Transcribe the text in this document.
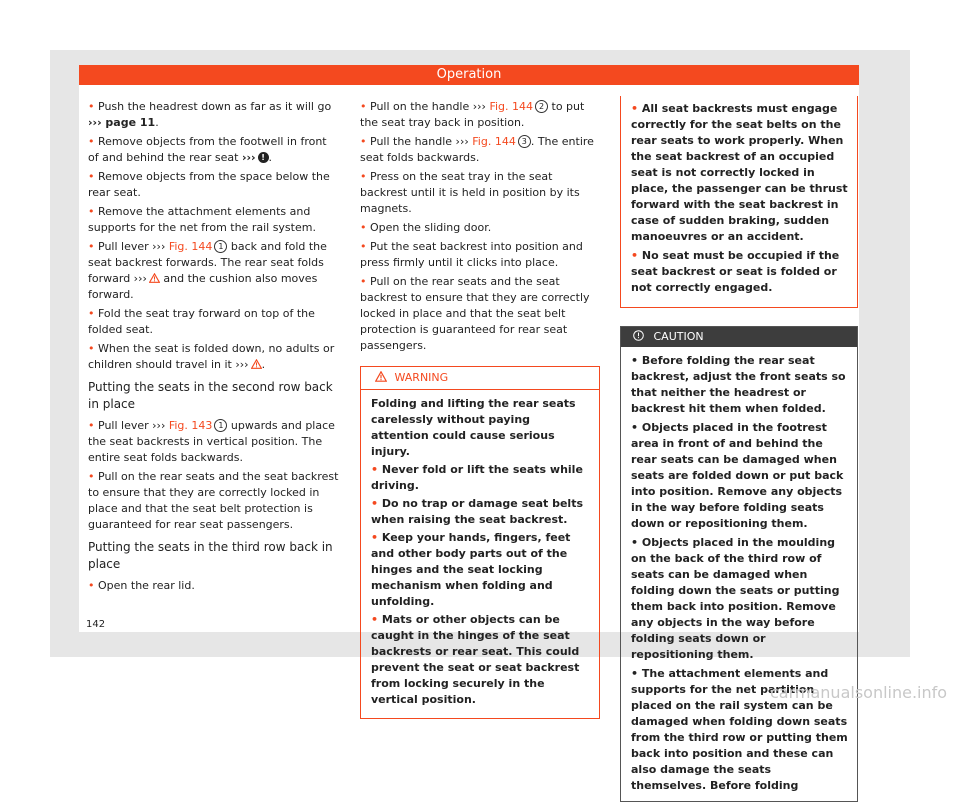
Operation
• Push the headrest down as far as it will go ››› page 11.
• Remove objects from the footwell in front of and behind the rear seat ››› ! .
• Remove objects from the space below the rear seat.
• Remove the attachment elements and supports for the net from the rail system.
• Pull lever ››› Fig. 144 1 back and fold the seat backrest forwards. The rear seat folds forward ››› and the cushion also moves forward.
• Fold the seat tray forward on top of the folded seat.
• When the seat is folded down, no adults or children should travel in it ››› .
Putting the seats in the second row back in place
• Pull lever ››› Fig. 143 1 upwards and place the seat backrests in vertical position. The entire seat folds backwards.
• Pull on the rear seats and the seat backrest to ensure that they are correctly locked in place and that the seat belt protection is guaranteed for rear seat passengers.
Putting the seats in the third row back in place
• Open the rear lid.
• Pull on the handle ››› Fig. 144 2 to put the seat tray back in position.
• Pull the handle ››› Fig. 144 3 . The entire seat folds backwards.
• Press on the seat tray in the seat backrest until it is held in position by its magnets.
• Open the sliding door.
• Put the seat backrest into position and press firmly until it clicks into place.
• Pull on the rear seats and the seat backrest to ensure that they are correctly locked in place and that the seat belt protection is guaranteed for rear seat passengers.
WARNING
Folding and lifting the rear seats carelessly without paying attention could cause serious injury.
• Never fold or lift the seats while driving.
• Do no trap or damage seat belts when raising the seat backrest.
• Keep your hands, fingers, feet and other body parts out of the hinges and the seat locking mechanism when folding and unfolding.
• Mats or other objects can be caught in the hinges of the seat backrests or rear seat. This could prevent the seat or seat backrest from locking securely in the vertical position.
• All seat backrests must engage correctly for the seat belts on the rear seats to work properly. When the seat backrest of an occupied seat is not correctly locked in place, the passenger can be thrust forward with the seat backrest in case of sudden braking, sudden manoeuvres or an accident.
• No seat must be occupied if the seat backrest or seat is folded or not correctly engaged.
CAUTION
• Before folding the rear seat backrest, adjust the front seats so that neither the headrest or backrest hit them when folded.
• Objects placed in the footrest area in front of and behind the rear seats can be damaged when seats are folded down or put back into position. Remove any objects in the way before folding seats down or repositioning them.
• Objects placed in the moulding on the back of the third row of seats can be damaged when folding down the seats or putting them back into position. Remove any objects in the way before folding seats down or repositioning them.
• The attachment elements and supports for the net partition placed on the rail system can be damaged when folding down seats from the third row or putting them back into position and these can also damage the seats themselves. Before folding
142
carmanualsonline.info
